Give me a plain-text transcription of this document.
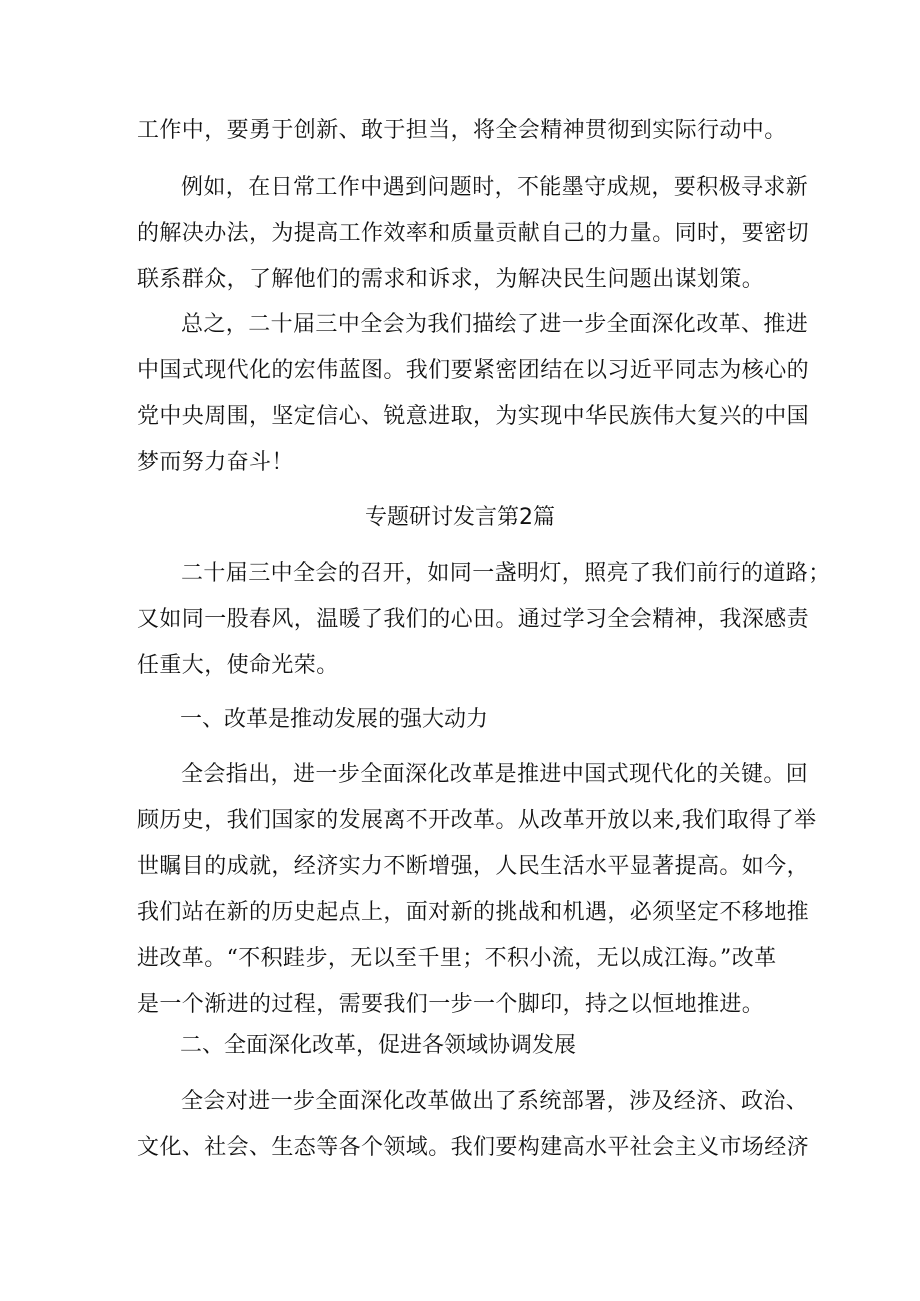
工作中，要勇于创新、敢于担当，将全会精神贯彻到实际行动中。
例如，在日常工作中遇到问题时，不能墨守成规，要积极寻求新
的解决办法，为提高工作效率和质量贡献自己的力量。同时，要密切
联系群众，了解他们的需求和诉求，为解决民生问题出谋划策。
总之，二十届三中全会为我们描绘了进一步全面深化改革、推进
中国式现代化的宏伟蓝图。我们要紧密团结在以习近平同志为核心的
党中央周围，坚定信心、锐意进取，为实现中华民族伟大复兴的中国
梦而努力奋斗！
专题研讨发言第2篇
二十届三中全会的召开，如同一盏明灯，照亮了我们前行的道路；
又如同一股春风，温暖了我们的心田。通过学习全会精神，我深感责
任重大，使命光荣。
一、改革是推动发展的强大动力
全会指出，进一步全面深化改革是推进中国式现代化的关键。回
顾历史，我们国家的发展离不开改革。从改革开放以来,我们取得了举
世瞩目的成就，经济实力不断增强，人民生活水平显著提高。如今，
我们站在新的历史起点上，面对新的挑战和机遇，必须坚定不移地推
进改革。“不积跬步，无以至千里；不积小流，无以成江海。”改革
是一个渐进的过程，需要我们一步一个脚印，持之以恒地推进。
二、全面深化改革，促进各领域协调发展
全会对进一步全面深化改革做出了系统部署，涉及经济、政治、
文化、社会、生态等各个领域。我们要构建高水平社会主义市场经济
